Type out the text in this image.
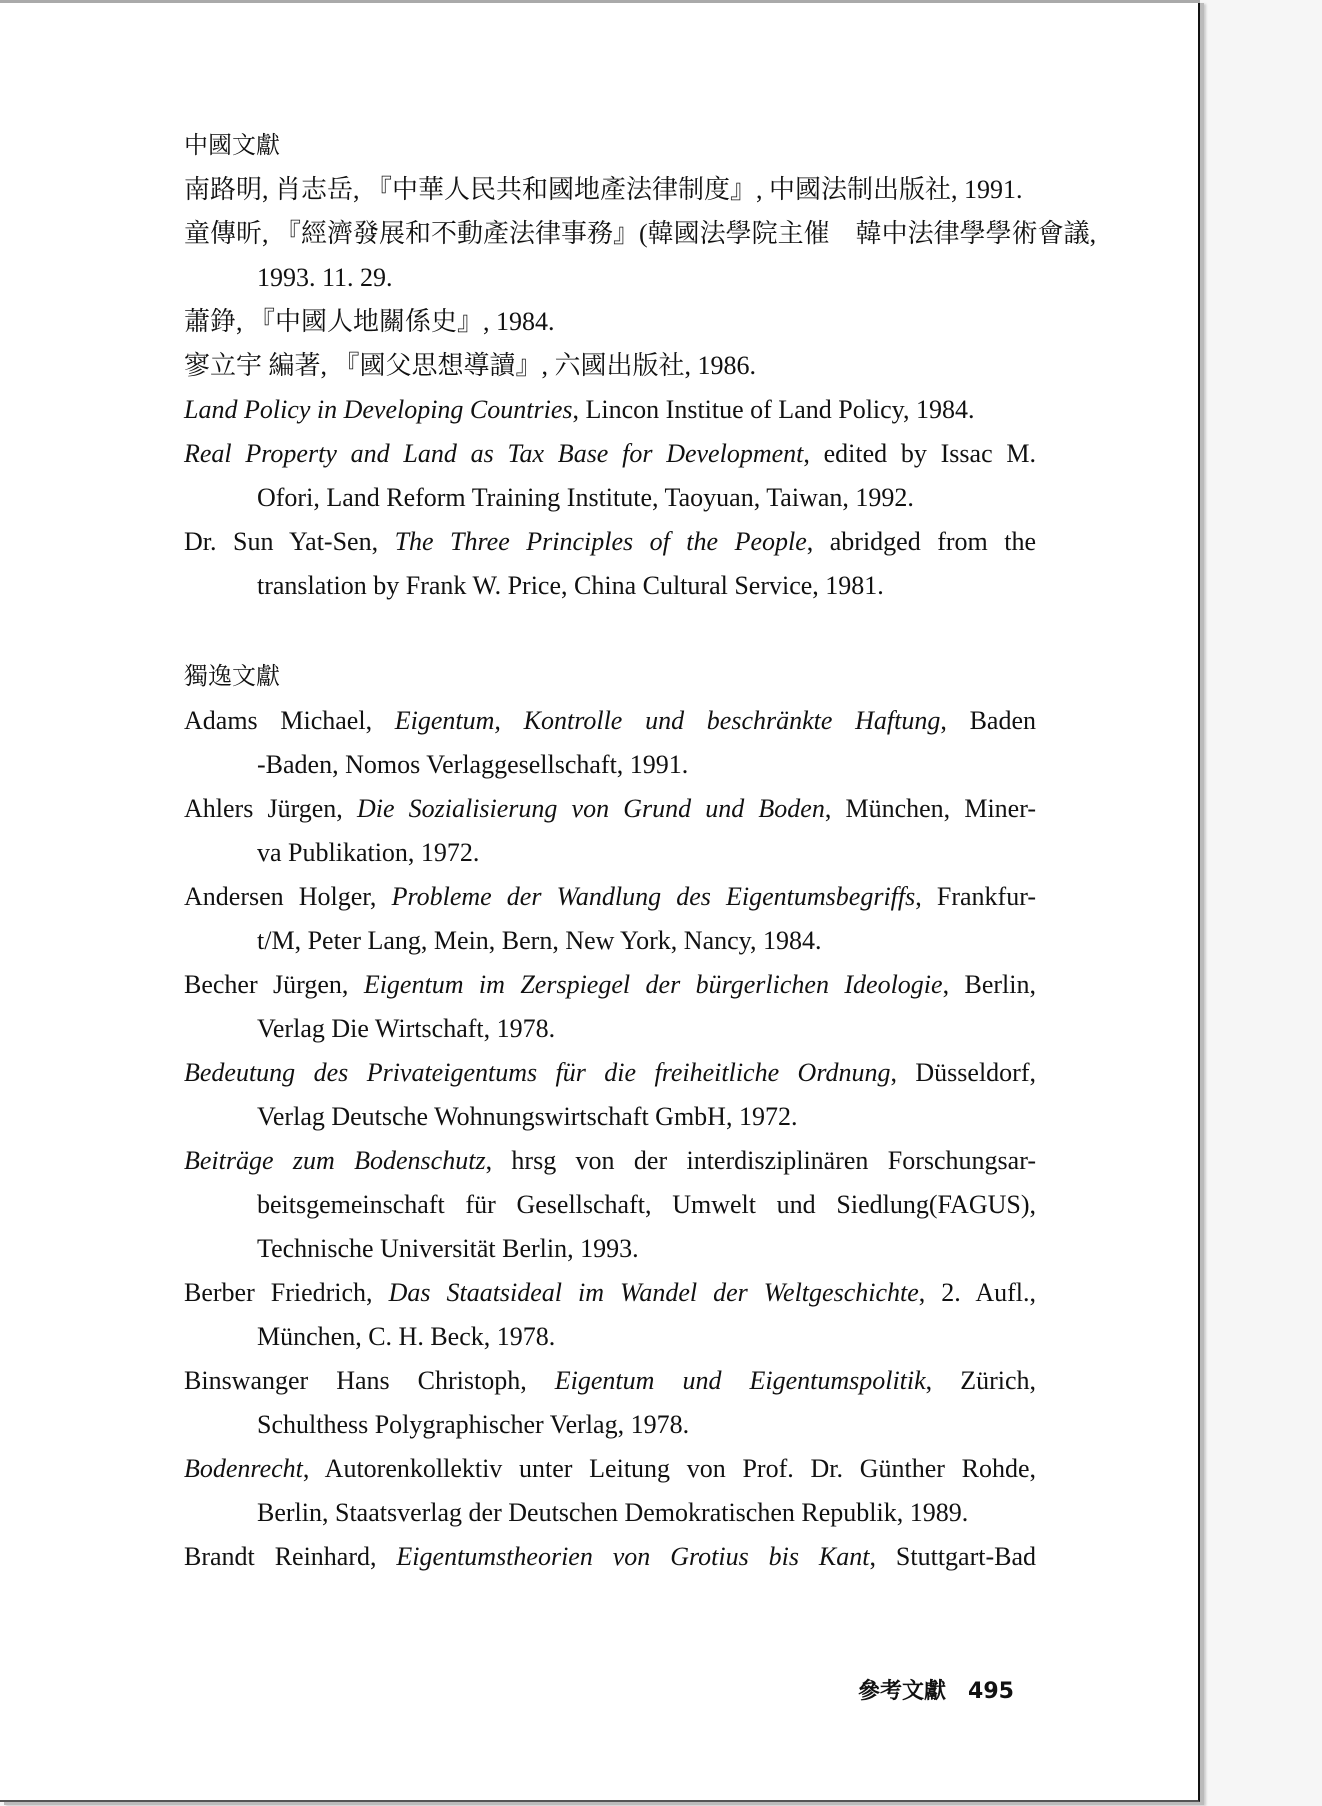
中國文獻
南路明, 肖志岳, 『中華人民共和國地產法律制度』, 中國法制出版社, 1991.
童傳昕, 『經濟發展和不動產法律事務』(韓國法學院主催　韓中法律學學術會議,
1993. 11. 29.
蕭錚, 『中國人地關係史』, 1984.
寥立宇 編著, 『國父思想導讀』, 六國出版社, 1986.
Land Policy in Developing Countries, Lincon Institue of Land Policy, 1984.
Real Property and Land as Tax Base for Development, edited by Issac M.
Ofori, Land Reform Training Institute, Taoyuan, Taiwan, 1992.
Dr. Sun Yat-Sen, The Three Principles of the People, abridged from the
translation by Frank W. Price, China Cultural Service, 1981.
獨逸文獻
Adams Michael, Eigentum, Kontrolle und beschränkte Haftung, Baden
-Baden, Nomos Verlaggesellschaft, 1991.
Ahlers Jürgen, Die Sozialisierung von Grund und Boden, München, Miner-
va Publikation, 1972.
Andersen Holger, Probleme der Wandlung des Eigentumsbegriffs, Frankfur-
t/M, Peter Lang, Mein, Bern, New York, Nancy, 1984.
Becher Jürgen, Eigentum im Zerspiegel der bürgerlichen Ideologie, Berlin,
Verlag Die Wirtschaft, 1978.
Bedeutung des Privateigentums für die freiheitliche Ordnung, Düsseldorf,
Verlag Deutsche Wohnungswirtschaft GmbH, 1972.
Beiträge zum Bodenschutz, hrsg von der interdisziplinären Forschungsar-
beitsgemeinschaft für Gesellschaft, Umwelt und Siedlung(FAGUS),
Technische Universität Berlin, 1993.
Berber Friedrich, Das Staatsideal im Wandel der Weltgeschichte, 2. Aufl.,
München, C. H. Beck, 1978.
Binswanger Hans Christoph, Eigentum und Eigentumspolitik, Zürich,
Schulthess Polygraphischer Verlag, 1978.
Bodenrecht, Autorenkollektiv unter Leitung von Prof. Dr. Günther Rohde,
Berlin, Staatsverlag der Deutschen Demokratischen Republik, 1989.
Brandt Reinhard, Eigentumstheorien von Grotius bis Kant, Stuttgart-Bad
參考文獻 495
